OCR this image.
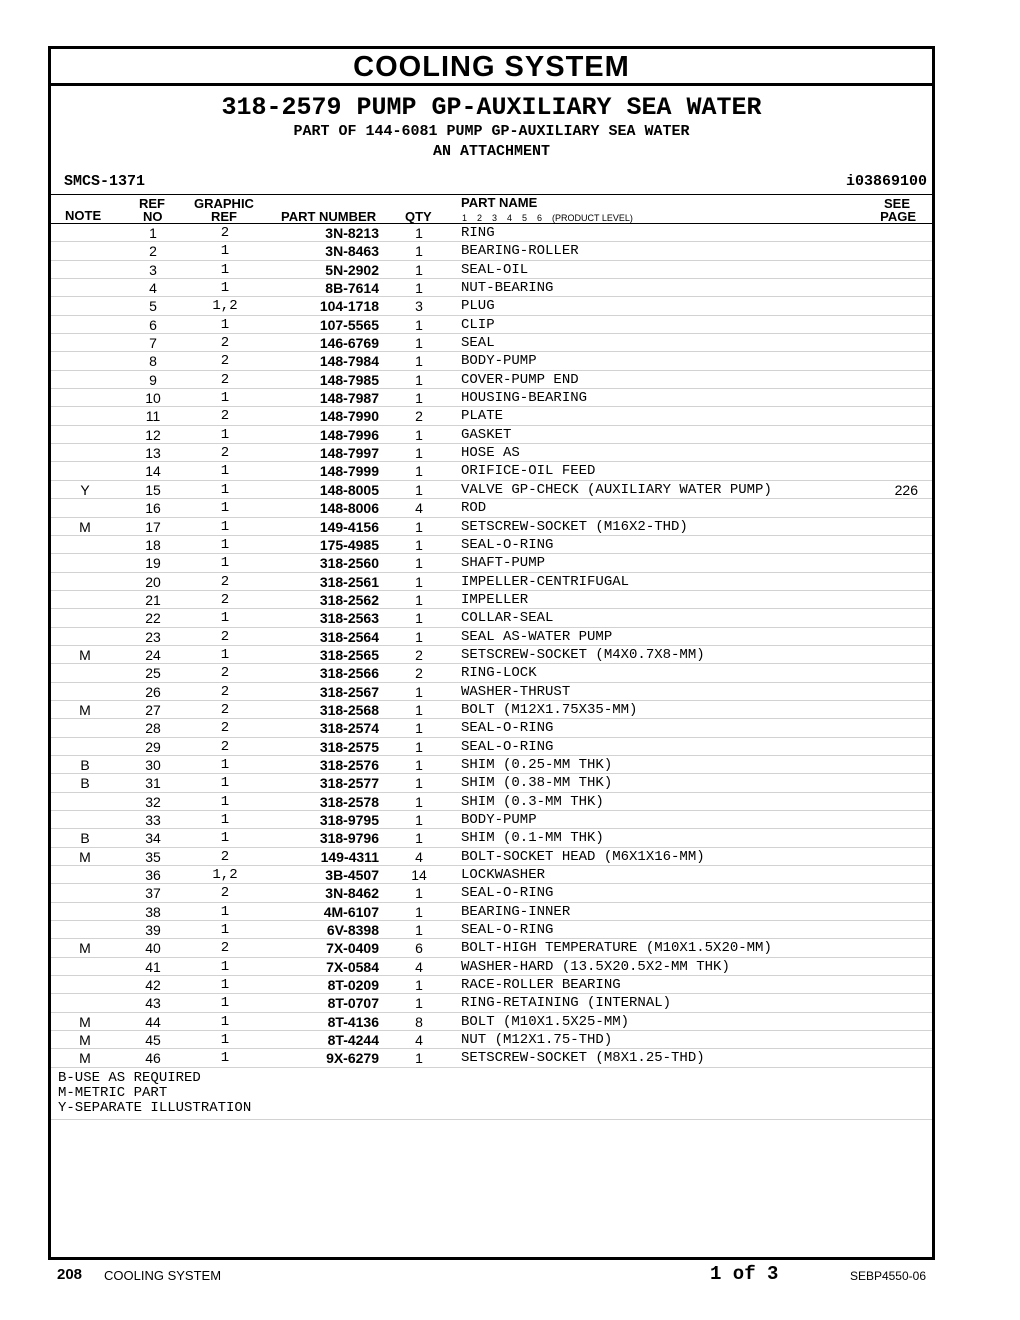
COOLING SYSTEM
318-2579 PUMP GP-AUXILIARY SEA WATER
PART OF 144-6081 PUMP GP-AUXILIARY SEA WATER
AN ATTACHMENT
SMCS-1371	i03869100
NOTE
REF
NO
GRAPHIC
REF	PART NUMBER QTY
PART NAME
1    2    3    4    5    6    (PRODUCT LEVEL)
SEE
PAGE
1	2	3N-8213	1	RING
2	1	3N-8463	1	BEARING-ROLLER
3	1	5N-2902	1	SEAL-OIL
4	1	8B-7614	1	NUT-BEARING
5	1,2	104-1718	3	PLUG
6	1	107-5565	1	CLIP
7	2	146-6769	1	SEAL
8	2	148-7984	1	BODY-PUMP
9	2	148-7985	1	COVER-PUMP END
10	1	148-7987	1	HOUSING-BEARING
11	2	148-7990	2	PLATE
12	1	148-7996	1	GASKET
13	2	148-7997	1	HOSE AS
14	1	148-7999	1	ORIFICE-OIL FEED
Y	15	1	148-8005	1	VALVE GP-CHECK (AUXILIARY WATER PUMP)	226
16	1	148-8006	4	ROD
M	17	1	149-4156	1	SETSCREW-SOCKET (M16X2-THD)
18	1	175-4985	1	SEAL-O-RING
19	1	318-2560	1	SHAFT-PUMP
20	2	318-2561	1	IMPELLER-CENTRIFUGAL
21	2	318-2562	1	IMPELLER
22	1	318-2563	1	COLLAR-SEAL
23	2	318-2564	1	SEAL AS-WATER PUMP
M	24	1	318-2565	2	SETSCREW-SOCKET (M4X0.7X8-MM)
25	2	318-2566	2	RING-LOCK
26	2	318-2567	1	WASHER-THRUST
M	27	2	318-2568	1	BOLT (M12X1.75X35-MM)
28	2	318-2574	1	SEAL-O-RING
29	2	318-2575	1	SEAL-O-RING
B	30	1	318-2576	1	SHIM (0.25-MM THK)
B	31	1	318-2577	1	SHIM (0.38-MM THK)
32	1	318-2578	1	SHIM (0.3-MM THK)
33	1	318-9795	1	BODY-PUMP
B	34	1	318-9796	1	SHIM (0.1-MM THK)
M	35	2	149-4311	4	BOLT-SOCKET HEAD (M6X1X16-MM)
36	1,2	3B-4507	14	LOCKWASHER
37	2	3N-8462	1	SEAL-O-RING
38	1	4M-6107	1	BEARING-INNER
39	1	6V-8398	1	SEAL-O-RING
M	40	2	7X-0409	6	BOLT-HIGH TEMPERATURE (M10X1.5X20-MM)
41	1	7X-0584	4	WASHER-HARD (13.5X20.5X2-MM THK)
42	1	8T-0209	1	RACE-ROLLER BEARING
43	1	8T-0707	1	RING-RETAINING (INTERNAL)
M	44	1	8T-4136	8	BOLT (M10X1.5X25-MM)
M	45	1	8T-4244	4	NUT (M12X1.75-THD)
M	46	1	9X-6279	1	SETSCREW-SOCKET (M8X1.25-THD)
B-USE AS REQUIRED
M-METRIC PART
Y-SEPARATE ILLUSTRATION
208 COOLING SYSTEM	1 of 3	SEBP4550-06
